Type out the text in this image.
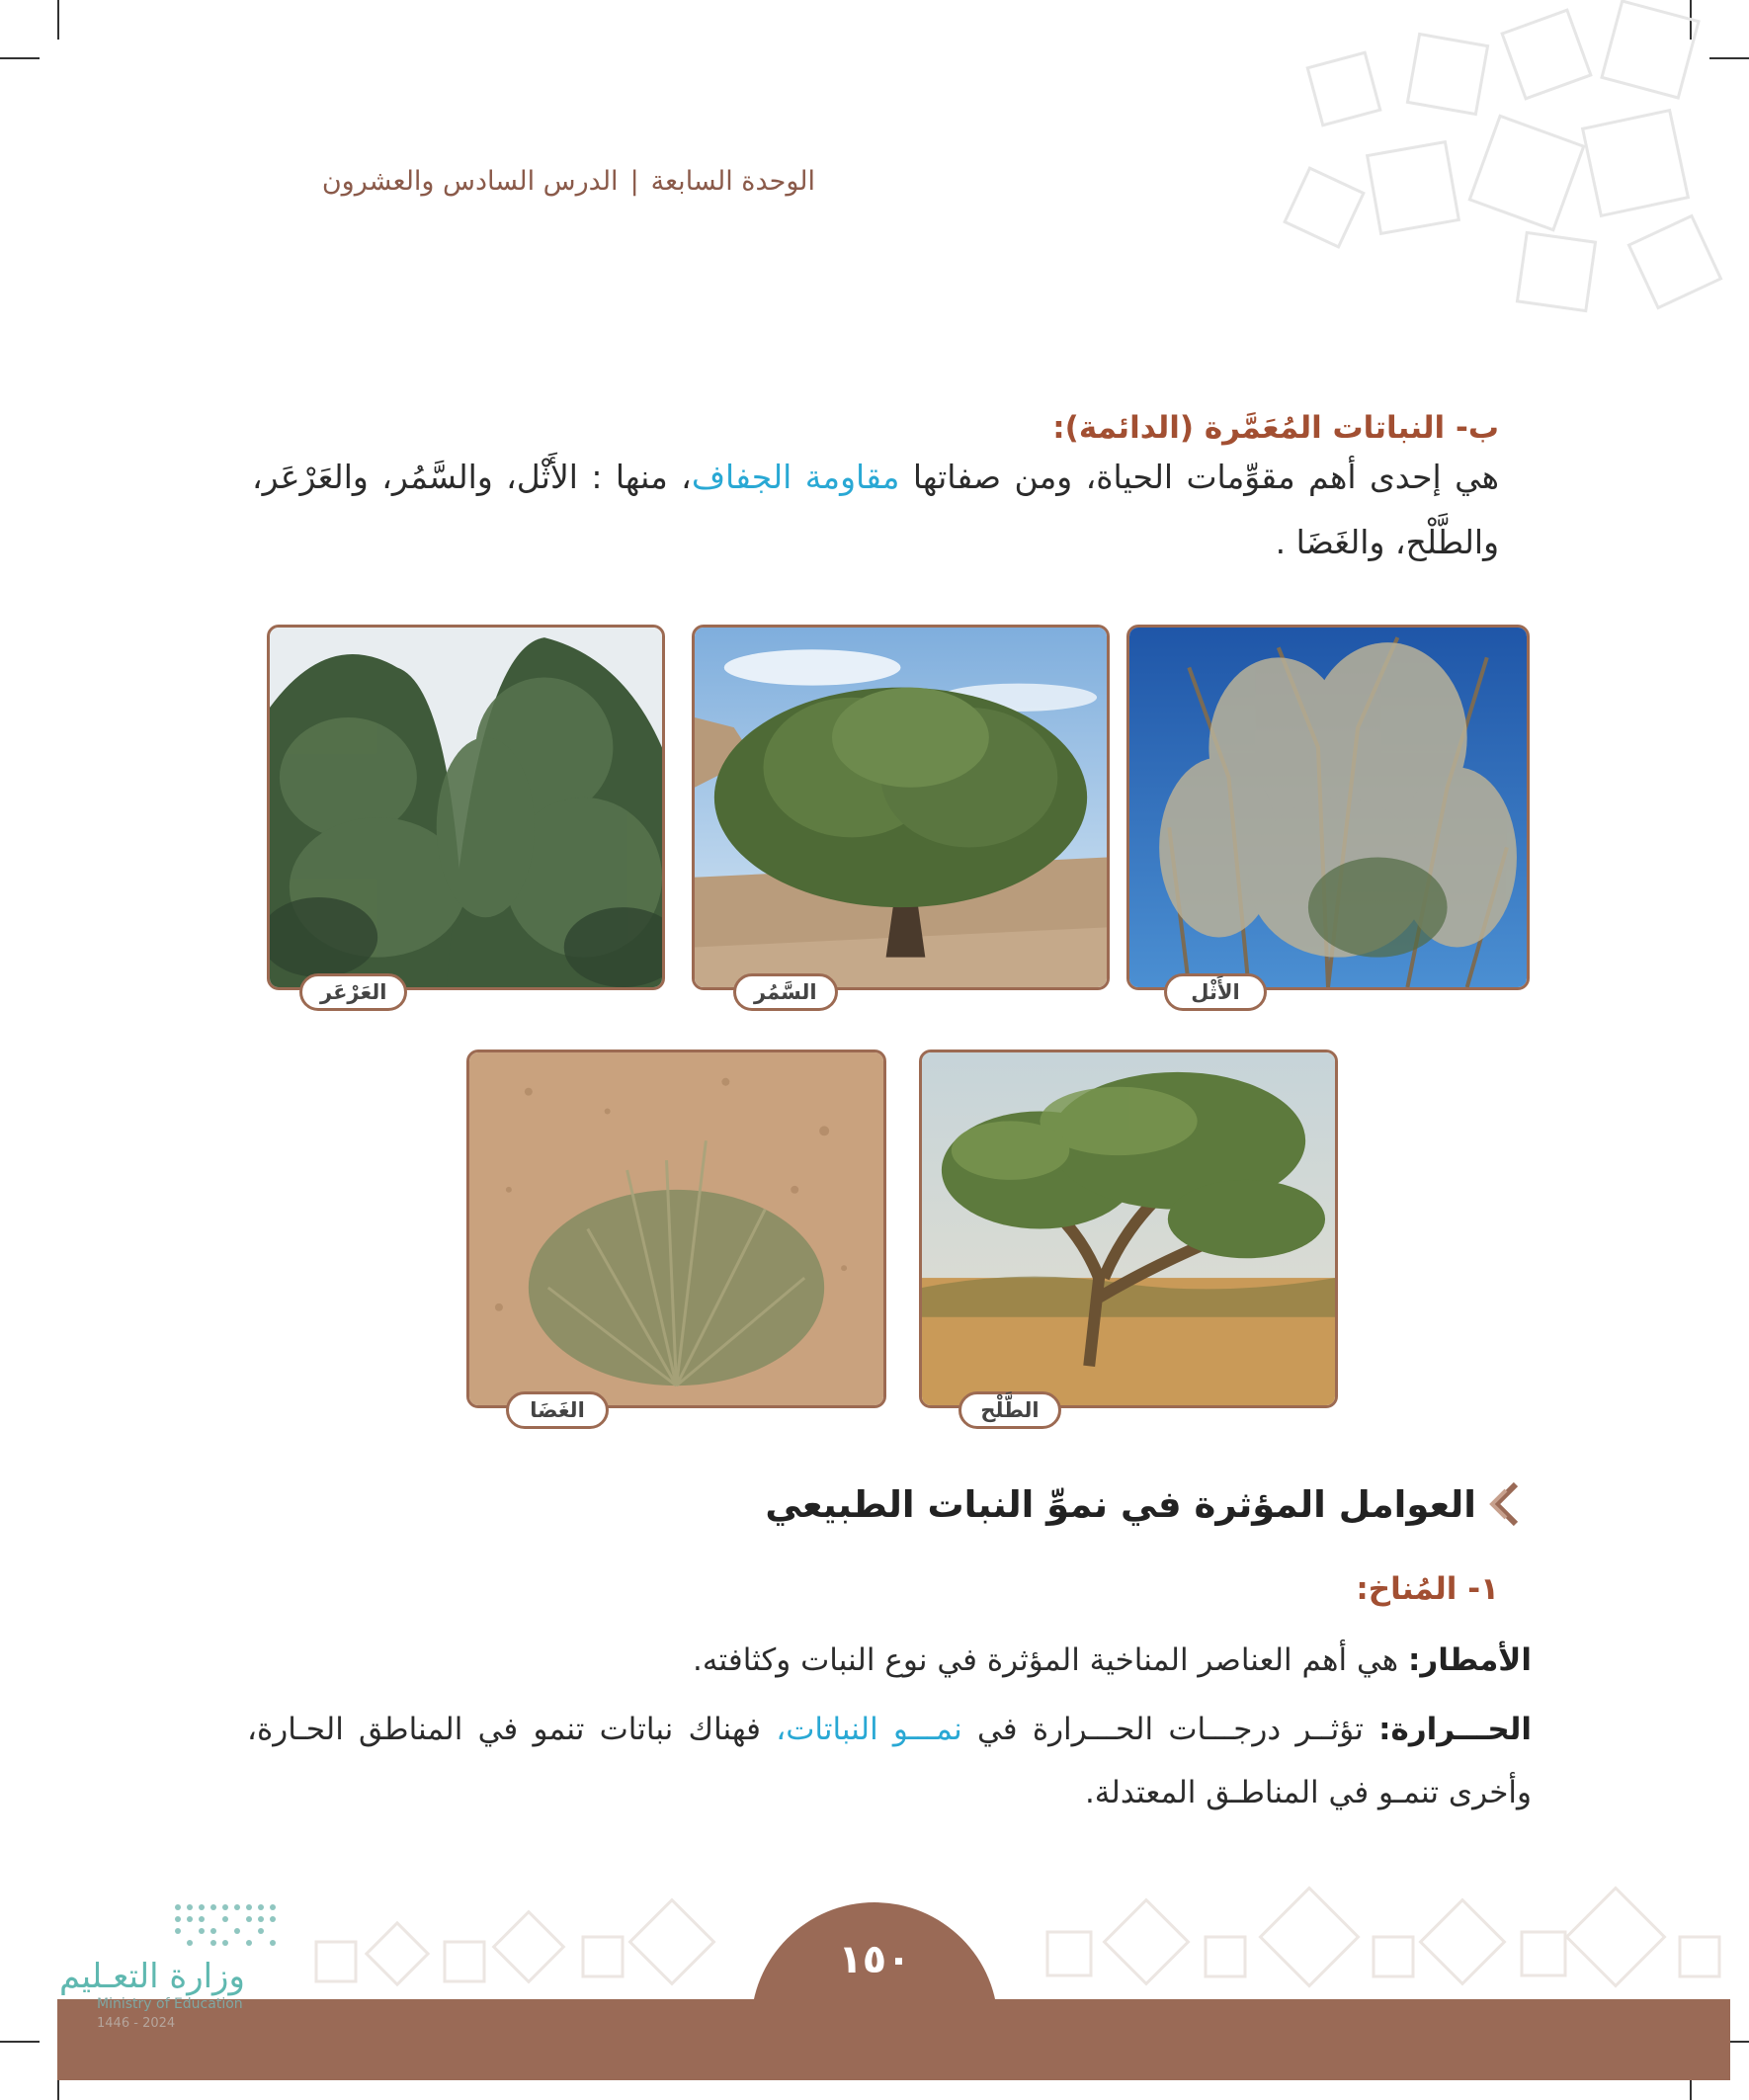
الوحدة السابعة|الدرس السادس والعشرون
ب- النباتات المُعَمَّرة (الدائمة):
هي إحدى أهم مقوِّمات الحياة، ومن صفاتها مقاومة الجفاف، منها : الأَثْل، والسَّمُر، والعَرْعَر، والطَّلْح، والغَضَا .
الأَثْل
السَّمُر
العَرْعَر
الطَّلْح
الغَضَا
العوامل المؤثرة في نموِّ النبات الطبيعي
١- المُناخ:
الأمطار: هي أهم العناصر المناخية المؤثرة في نوع النبات وكثافته.
الحـــرارة: تؤثــر درجـــات الحـــرارة في نمـــو النباتات، فهناك نباتات تنمو في المناطق الحـارة، وأخرى تنمـو في المناطـق المعتدلة.
١٥٠
وزارة التعـليم
Ministry of Education
2024 - 1446
